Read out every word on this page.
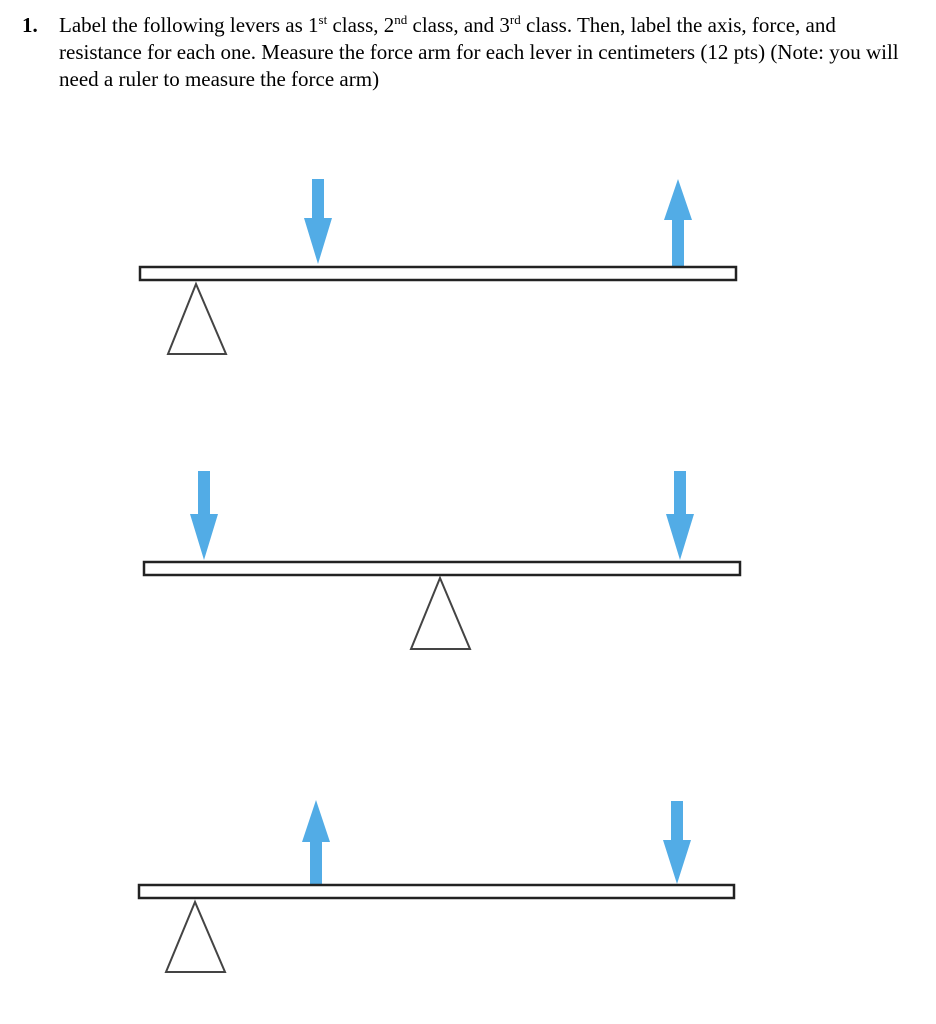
1. Label the following levers as 1st class, 2nd class, and 3rd class. Then, label the axis, force, and resistance for each one. Measure the force arm for each lever in centimeters (12 pts) (Note: you will need a ruler to measure the force arm)
